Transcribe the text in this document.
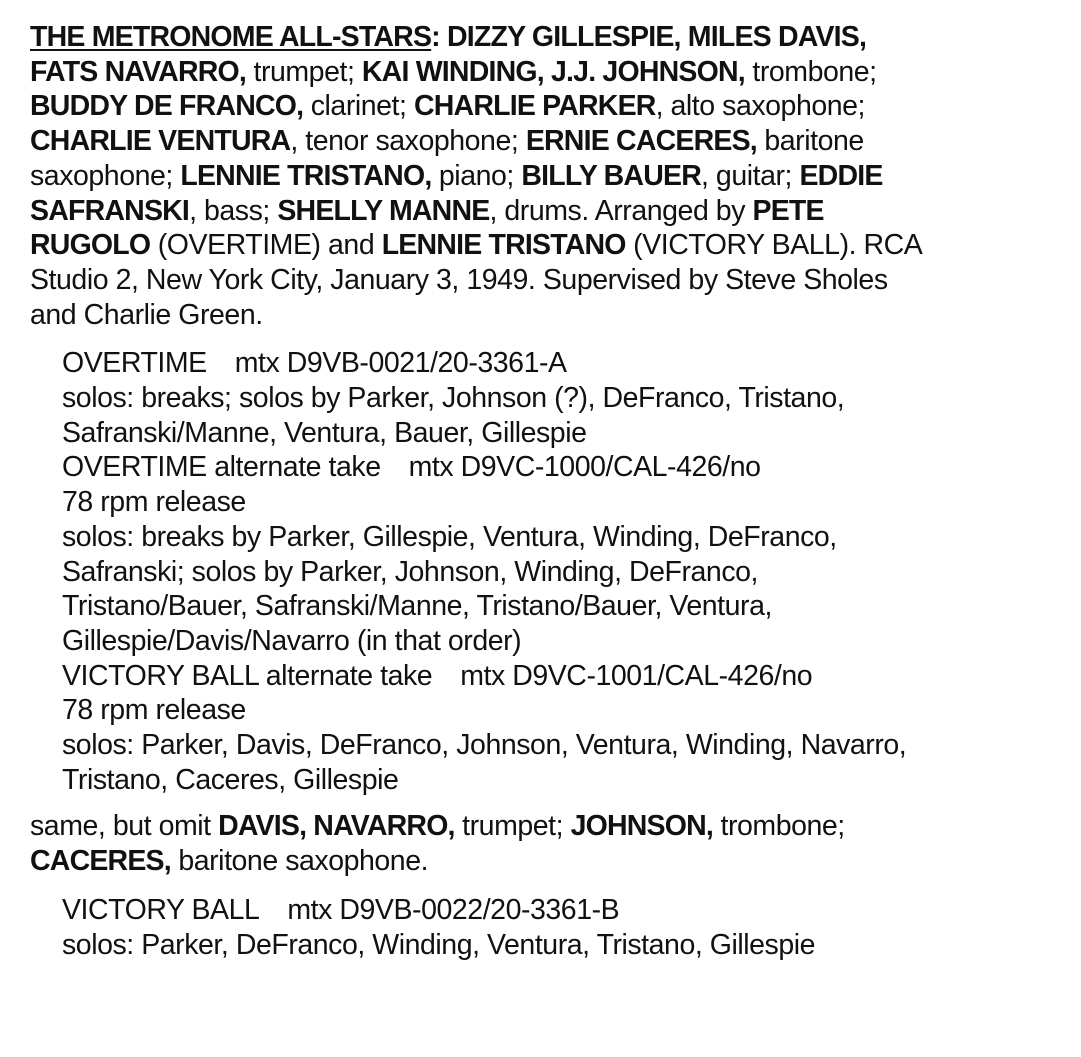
THE METRONOME ALL-STARS: DIZZY GILLESPIE, MILES DAVIS,
FATS NAVARRO, trumpet; KAI WINDING, J.J. JOHNSON, trombone;
BUDDY DE FRANCO, clarinet; CHARLIE PARKER, alto saxophone;
CHARLIE VENTURA, tenor saxophone; ERNIE CACERES, baritone
saxophone; LENNIE TRISTANO, piano; BILLY BAUER, guitar; EDDIE
SAFRANSKI, bass; SHELLY MANNE, drums. Arranged by PETE
RUGOLO (OVERTIME) and LENNIE TRISTANO (VICTORY BALL). RCA
Studio 2, New York City, January 3, 1949. Supervised by Steve Sholes
and Charlie Green.
OVERTIME mtx D9VB-0021/20-3361-A
solos: breaks; solos by Parker, Johnson (?), DeFranco, Tristano,
Safranski/Manne, Ventura, Bauer, Gillespie
OVERTIME alternate take mtx D9VC-1000/CAL-426/no
78 rpm release
solos: breaks by Parker, Gillespie, Ventura, Winding, DeFranco,
Safranski; solos by Parker, Johnson, Winding, DeFranco,
Tristano/Bauer, Safranski/Manne, Tristano/Bauer, Ventura,
Gillespie/Davis/Navarro (in that order)
VICTORY BALL alternate take mtx D9VC-1001/CAL-426/no
78 rpm release
solos: Parker, Davis, DeFranco, Johnson, Ventura, Winding, Navarro,
Tristano, Caceres, Gillespie
same, but omit DAVIS, NAVARRO, trumpet; JOHNSON, trombone;
CACERES, baritone saxophone.
VICTORY BALL mtx D9VB-0022/20-3361-B
solos: Parker, DeFranco, Winding, Ventura, Tristano, Gillespie
